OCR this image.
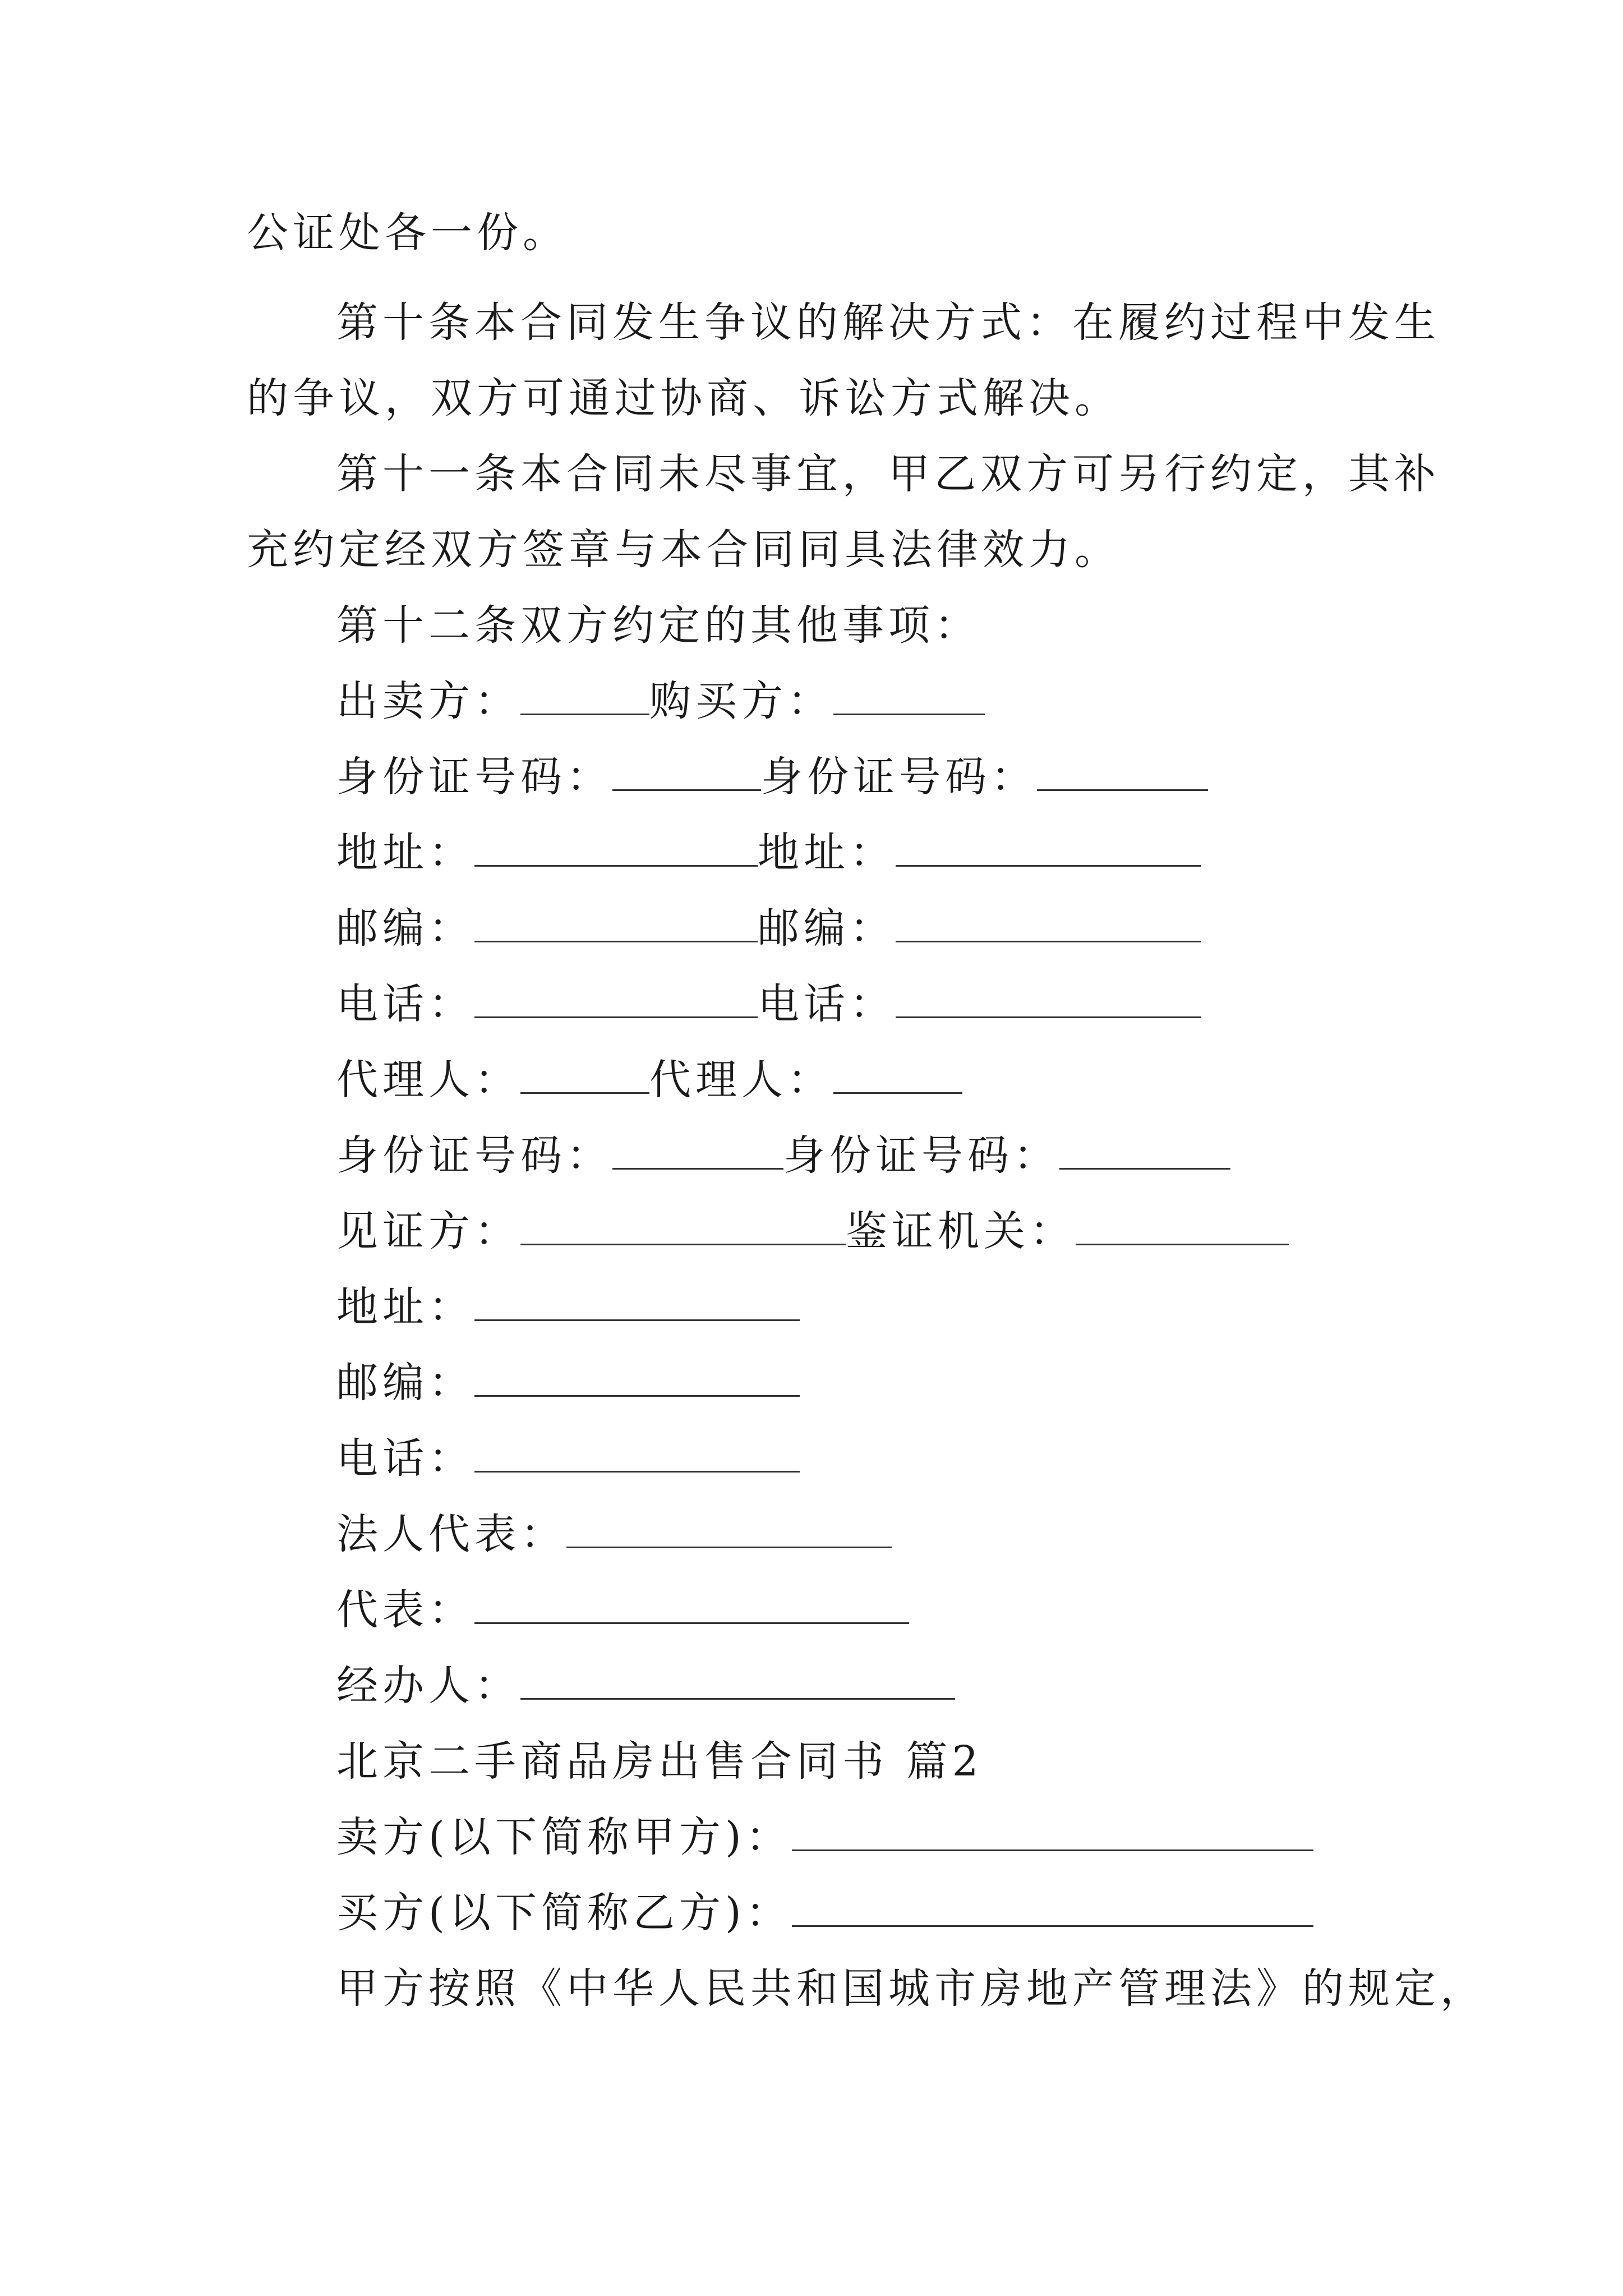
公证处各一份。
第十条本合同发生争议的解决方式：在履约过程中发生
的争议，双方可通过协商、诉讼方式解决。
第十一条本合同未尽事宜，甲乙双方可另行约定，其补
充约定经双方签章与本合同同具法律效力。
第十二条双方约定的其他事项：
出卖方：	购买方：
身份证号码：	身份证号码：
地址：	地址：
邮编：	邮编：
电话：	电话：
代理人：	代理人：
身份证号码：	身份证号码：
见证方：	鉴证机关：
地址：
邮编：
电话：
法人代表：
代表：
经办人：
北京二手商品房出售合同书 篇2
卖方(以下简称甲方)：
买方(以下简称乙方)：
甲方按照《中华人民共和国城市房地产管理法》的规定，
